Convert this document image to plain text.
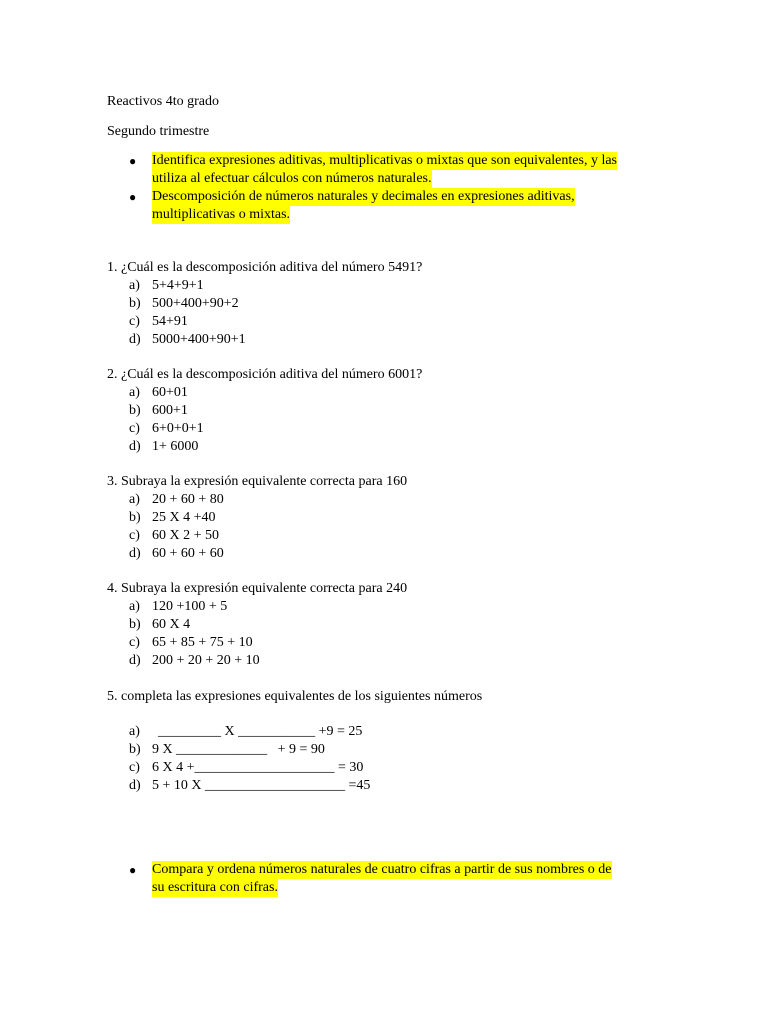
Reactivos 4to grado
Segundo trimestre
● Identifica expresiones aditivas, multiplicativas o mixtas que son equivalentes, y las
utiliza al efectuar cálculos con números naturales.
● Descomposición de números naturales y decimales en expresiones aditivas,
multiplicativas o mixtas.
1. ¿Cuál es la descomposición aditiva del número 5491?
a) 5+4+9+1
b) 500+400+90+2
c) 54+91
d) 5000+400+90+1
2. ¿Cuál es la descomposición aditiva del número 6001?
a) 60+01
b) 600+1
c) 6+0+0+1
d) 1+ 6000
3. Subraya la expresión equivalente correcta para 160
a) 20 + 60 + 80
b) 25 X 4 +40
c) 60 X 2 + 50
d) 60 + 60 + 60
4. Subraya la expresión equivalente correcta para 240
a) 120 +100 + 5
b) 60 X 4
c) 65 + 85 + 75 + 10
d) 200 + 20 + 20 + 10
5. completa las expresiones equivalentes de los siguientes números
a) _________ X ___________ +9 = 25
b) 9 X _____________   + 9 = 90
c) 6 X 4 +____________________ = 30
d) 5 + 10 X ____________________ =45
● Compara y ordena números naturales de cuatro cifras a partir de sus nombres o de
su escritura con cifras.
